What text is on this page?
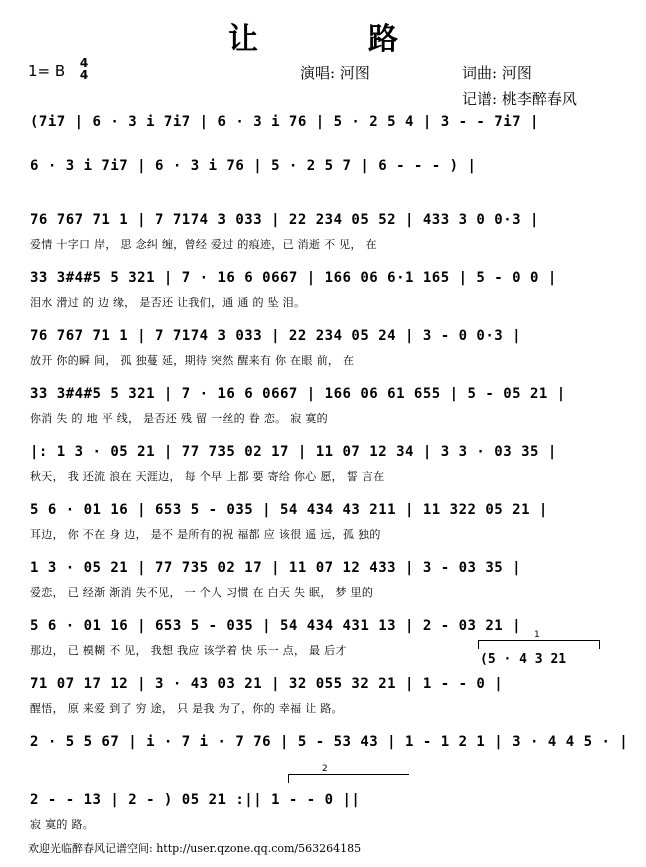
让　路
1= B 4
4	演唱: 河图	词曲: 河图
记谱: 桃李醉春风
(7i7 | 6 · 3 i 7i7 | 6 · 3 i 76 | 5 · 2 5 4 | 3 - - 7i7 |
6 · 3 i 7i7 | 6 · 3 i 76 | 5 · 2 5 7 | 6 - - - ) |
76 767 71 1 | 7 7174 3 033 | 22 234 05 52 | 433 3 0 0·3 |
爱情 十字口 岸， 思 念纠 缠，曾经 爱过 的痕迹，已 消逝 不 见， 在
33 3#4#5 5 321 | 7 · 16 6 0667 | 166 06 6·1 165 | 5 - 0 0 |
泪水 滑过 的 边 缘， 是否还 让我们，通 通 的 坠 泪。
76 767 71 1 | 7 7174 3 033 | 22 234 05 24 | 3 - 0 0·3 |
放开 你的瞬 间， 孤 独蔓 延，期待 突然 醒来有 你 在眼 前， 在
33 3#4#5 5 321 | 7 · 16 6 0667 | 166 06 61 655 | 5 - 05 21 |
你消 失 的 地 平 线， 是否还 残 留 一丝的 眷 恋。 寂 寞的
|: 1 3 · 05 21 | 77 735 02 17 | 11 07 12 34 | 3 3 · 03 35 |
秋天， 我 还流 浪在 天涯边， 每 个早 上都 要 寄给 你心 愿， 誓 言在
5 6 · 01 16 | 653 5 - 035 | 54 434 43 211 | 11 322 05 21 |
耳边， 你 不在 身 边， 是不 是所有的祝 福都 应 该很 遥 远，孤 独的
1 3 · 05 21 | 77 735 02 17 | 11 07 12 433 | 3 - 03 35 |
爱恋， 已 经渐 渐消 失不见， 一 个人 习惯 在 白天 失 眠， 梦 里的
5 6 · 01 16 | 653 5 - 035 | 54 434 431 13 | 2 - 03 21 |
那边， 已 模糊 不 见， 我想 我应 该学着 快 乐一 点， 最 后才
71 07 17 12 | 3 · 43 03 21 | 32 055 32 21 | 1 - - 0 |
醒悟， 原 来爱 到了 穷 途， 只 是我 为了，你的 幸福 让 路。
2 · 5 5 67 | i · 7 i · 7 76 | 5 - 53 43 | 1 - 1 2 1 | 3 · 4 4 5 · |
2 - - 13 | 2 - ) 05 21 :|| 1 - - 0 ||
寂 寞的 路。
1
(5 · 4 3 21
2
欢迎光临醉春风记谱空间: http://user.qzone.qq.com/563264185
